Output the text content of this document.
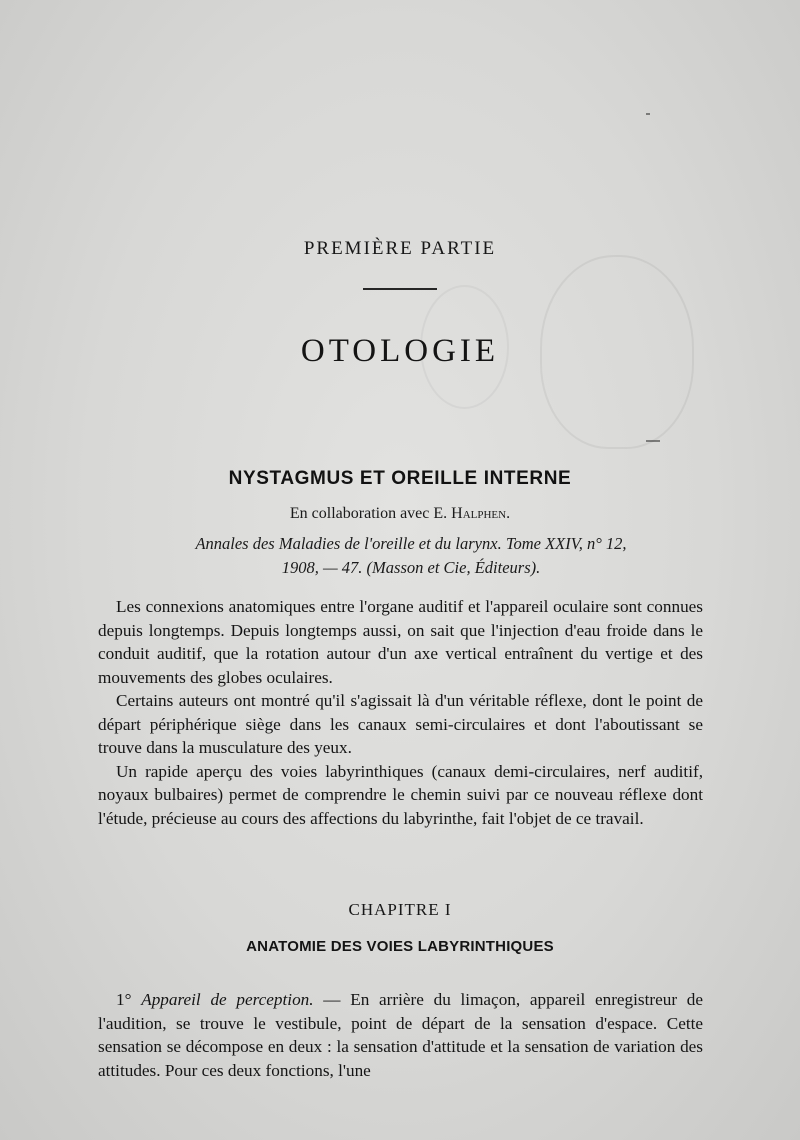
PREMIÈRE PARTIE
OTOLOGIE
NYSTAGMUS ET OREILLE INTERNE
En collaboration avec E. Halphen.
Annales des Maladies de l'oreille et du larynx. Tome XXIV, n° 12,
1908, — 47. (Masson et Cie, Éditeurs).

Les connexions anatomiques entre l'organe auditif et l'appareil oculaire sont connues depuis longtemps. Depuis longtemps aussi, on sait que l'injection d'eau froide dans le conduit auditif, que la rotation autour d'un axe vertical entraînent du vertige et des mouvements des globes oculaires.

Certains auteurs ont montré qu'il s'agissait là d'un véritable réflexe, dont le point de départ périphérique siège dans les canaux semi-circulaires et dont l'aboutissant se trouve dans la musculature des yeux.

Un rapide aperçu des voies labyrinthiques (canaux demi-circulaires, nerf auditif, noyaux bulbaires) permet de comprendre le chemin suivi par ce nouveau réflexe dont l'étude, précieuse au cours des affections du labyrinthe, fait l'objet de ce travail.

CHAPITRE I
ANATOMIE DES VOIES LABYRINTHIQUES

1° Appareil de perception. — En arrière du limaçon, appareil enregistreur de l'audition, se trouve le vestibule, point de départ de la sensation d'espace. Cette sensation se décompose en deux : la sensation d'attitude et la sensation de variation des attitudes. Pour ces deux fonctions, l'une
